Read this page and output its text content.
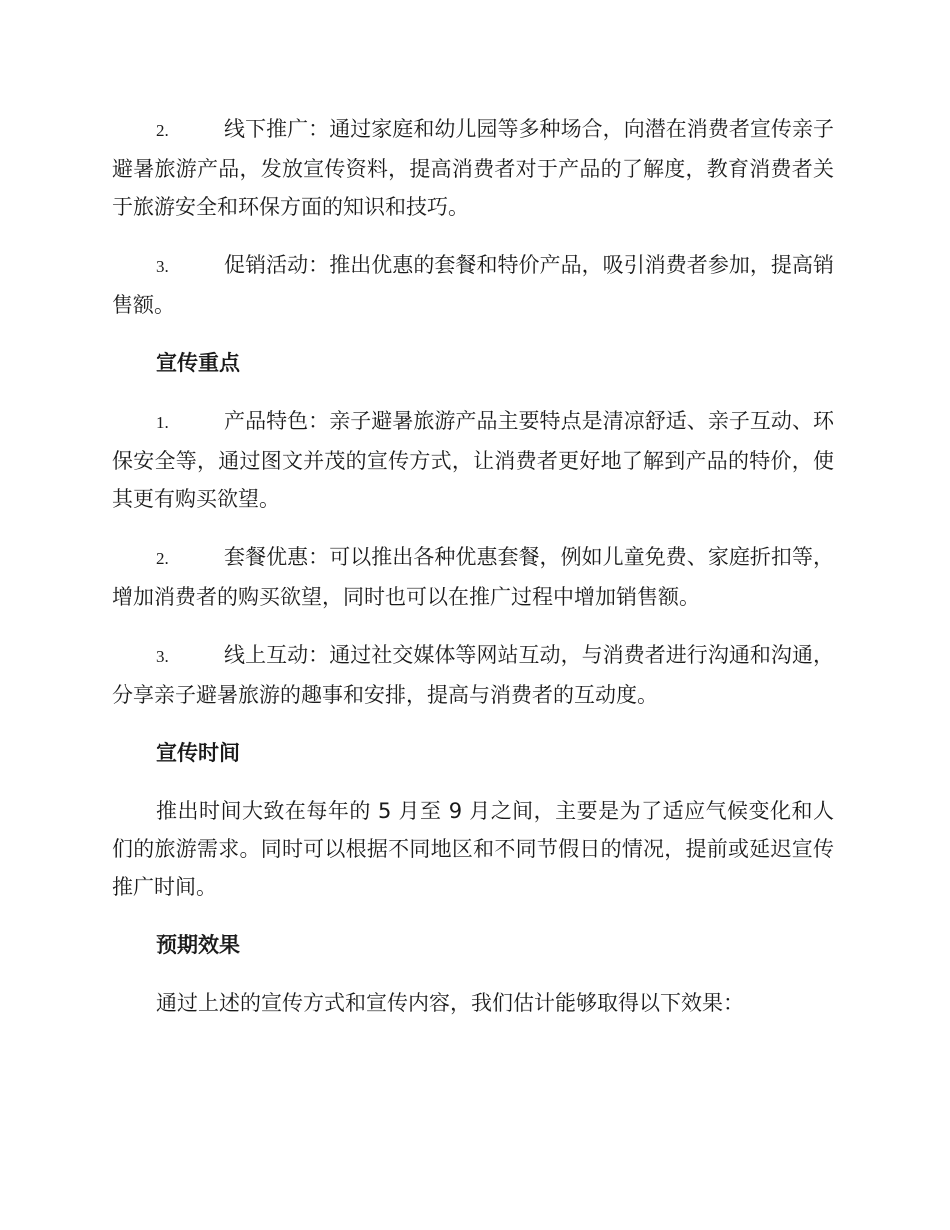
2.	线下推广：通过家庭和幼儿园等多种场合，向潜在消费者宣传亲子避暑旅游产品，发放宣传资料，提高消费者对于产品的了解度，教育消费者关于旅游安全和环保方面的知识和技巧。

3.	促销活动：推出优惠的套餐和特价产品，吸引消费者参加，提高销售额。

宣传重点

1.	产品特色：亲子避暑旅游产品主要特点是清凉舒适、亲子互动、环保安全等，通过图文并茂的宣传方式，让消费者更好地了解到产品的特价，使其更有购买欲望。

2.	套餐优惠：可以推出各种优惠套餐，例如儿童免费、家庭折扣等，增加消费者的购买欲望，同时也可以在推广过程中增加销售额。

3.	线上互动：通过社交媒体等网站互动，与消费者进行沟通和沟通，分享亲子避暑旅游的趣事和安排，提高与消费者的互动度。

宣传时间

推出时间大致在每年的 5 月至 9 月之间，主要是为了适应气候变化和人们的旅游需求。同时可以根据不同地区和不同节假日的情况，提前或延迟宣传推广时间。

预期效果

通过上述的宣传方式和宣传内容，我们估计能够取得以下效果：
